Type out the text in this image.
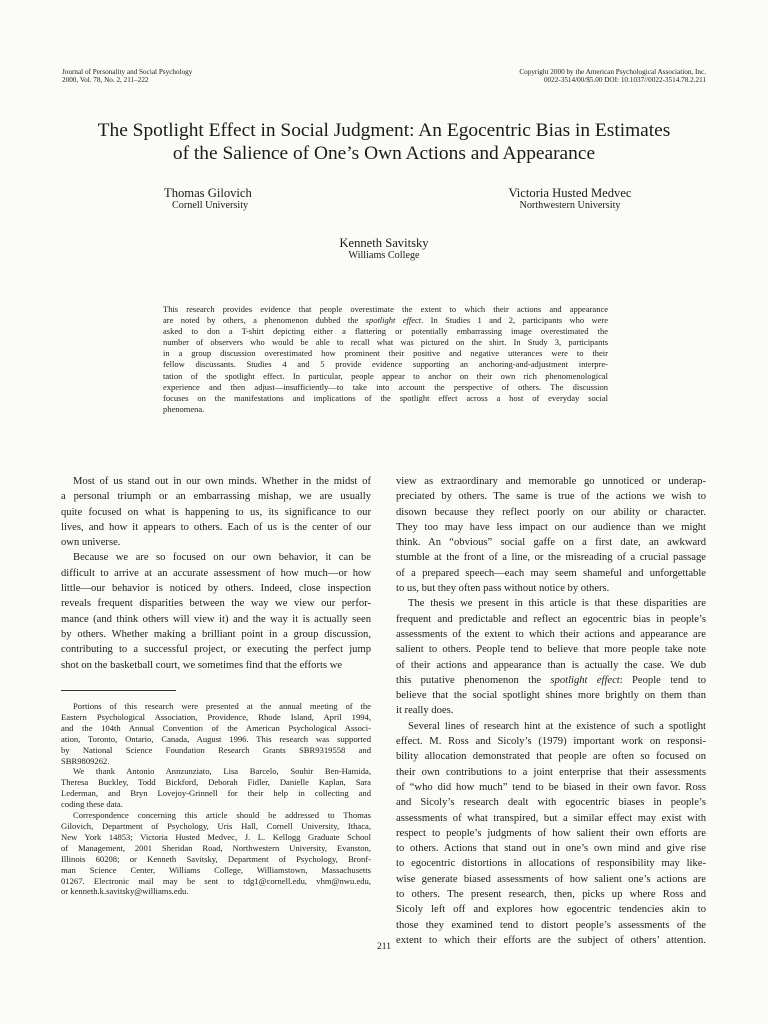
Journal of Personality and Social Psychology
2000, Vol. 78, No. 2, 211–222
Copyright 2000 by the American Psychological Association, Inc.
0022-3514/00/$5.00 DOI: 10.1037//0022-3514.78.2.211
The Spotlight Effect in Social Judgment: An Egocentric Bias in Estimates
of the Salience of One’s Own Actions and Appearance
Thomas Gilovich
Cornell University
Victoria Husted Medvec
Northwestern University
Kenneth Savitsky
Williams College
This research provides evidence that people overestimate the extent to which their actions and appearance
are noted by others, a phenomenon dubbed the spotlight effect. In Studies 1 and 2, participants who were
asked to don a T-shirt depicting either a flattering or potentially embarrassing image overestimated the
number of observers who would be able to recall what was pictured on the shirt. In Study 3, participants
in a group discussion overestimated how prominent their positive and negative utterances were to their
fellow discussants. Studies 4 and 5 provide evidence supporting an anchoring-and-adjustment interpre-
tation of the spotlight effect. In particular, people appear to anchor on their own rich phenomenological
experience and then adjust—insufficiently—to take into account the perspective of others. The discussion
focuses on the manifestations and implications of the spotlight effect across a host of everyday social
phenomena.
Most of us stand out in our own minds. Whether in the midst of
a personal triumph or an embarrassing mishap, we are usually
quite focused on what is happening to us, its significance to our
lives, and how it appears to others. Each of us is the center of our
own universe.
Because we are so focused on our own behavior, it can be
difficult to arrive at an accurate assessment of how much—or how
little—our behavior is noticed by others. Indeed, close inspection
reveals frequent disparities between the way we view our perfor-
mance (and think others will view it) and the way it is actually seen
by others. Whether making a brilliant point in a group discussion,
contributing to a successful project, or executing the perfect jump
shot on the basketball court, we sometimes find that the efforts we
Portions of this research were presented at the annual meeting of the
Eastern Psychological Association, Providence, Rhode Island, April 1994,
and the 104th Annual Convention of the American Psychological Associ-
ation, Toronto, Ontario, Canada, August 1996. This research was supported
by National Science Foundation Research Grants SBR9319558 and
SBR9809262.
We thank Antonio Annzunziato, Lisa Barcelo, Souhir Ben-Hamida,
Theresa Buckley, Todd Bickford, Deborah Fidler, Danielle Kaplan, Sara
Lederman, and Bryn Lovejoy-Grinnell for their help in collecting and
coding these data.
Correspondence concerning this article should be addressed to Thomas
Gilovich, Department of Psychology, Uris Hall, Cornell University, Ithaca,
New York 14853; Victoria Husted Medvec, J. L. Kellogg Graduate School
of Management, 2001 Sheridan Road, Northwestern University, Evanston,
Illinois 60208; or Kenneth Savitsky, Department of Psychology, Bronf-
man Science Center, Williams College, Williamstown, Massachusetts
01267. Electronic mail may be sent to tdg1@cornell.edu, vhm@nwu.edu,
or kenneth.k.savitsky@williams.edu.
view as extraordinary and memorable go unnoticed or underap-
preciated by others. The same is true of the actions we wish to
disown because they reflect poorly on our ability or character.
They too may have less impact on our audience than we might
think. An “obvious” social gaffe on a first date, an awkward
stumble at the front of a line, or the misreading of a crucial passage
of a prepared speech—each may seem shameful and unforgettable
to us, but they often pass without notice by others.
The thesis we present in this article is that these disparities are
frequent and predictable and reflect an egocentric bias in people’s
assessments of the extent to which their actions and appearance are
salient to others. People tend to believe that more people take note
of their actions and appearance than is actually the case. We dub
this putative phenomenon the spotlight effect: People tend to
believe that the social spotlight shines more brightly on them than
it really does.
Several lines of research hint at the existence of such a spotlight
effect. M. Ross and Sicoly’s (1979) important work on responsi-
bility allocation demonstrated that people are often so focused on
their own contributions to a joint enterprise that their assessments
of “who did how much” tend to be biased in their own favor. Ross
and Sicoly’s research dealt with egocentric biases in people’s
assessments of what transpired, but a similar effect may exist with
respect to people’s judgments of how salient their own efforts are
to others. Actions that stand out in one’s own mind and give rise
to egocentric distortions in allocations of responsibility may like-
wise generate biased assessments of how salient one’s actions are
to others. The present research, then, picks up where Ross and
Sicoly left off and explores how egocentric tendencies akin to
those they examined tend to distort people’s assessments of the
extent to which their efforts are the subject of others’ attention.
211
